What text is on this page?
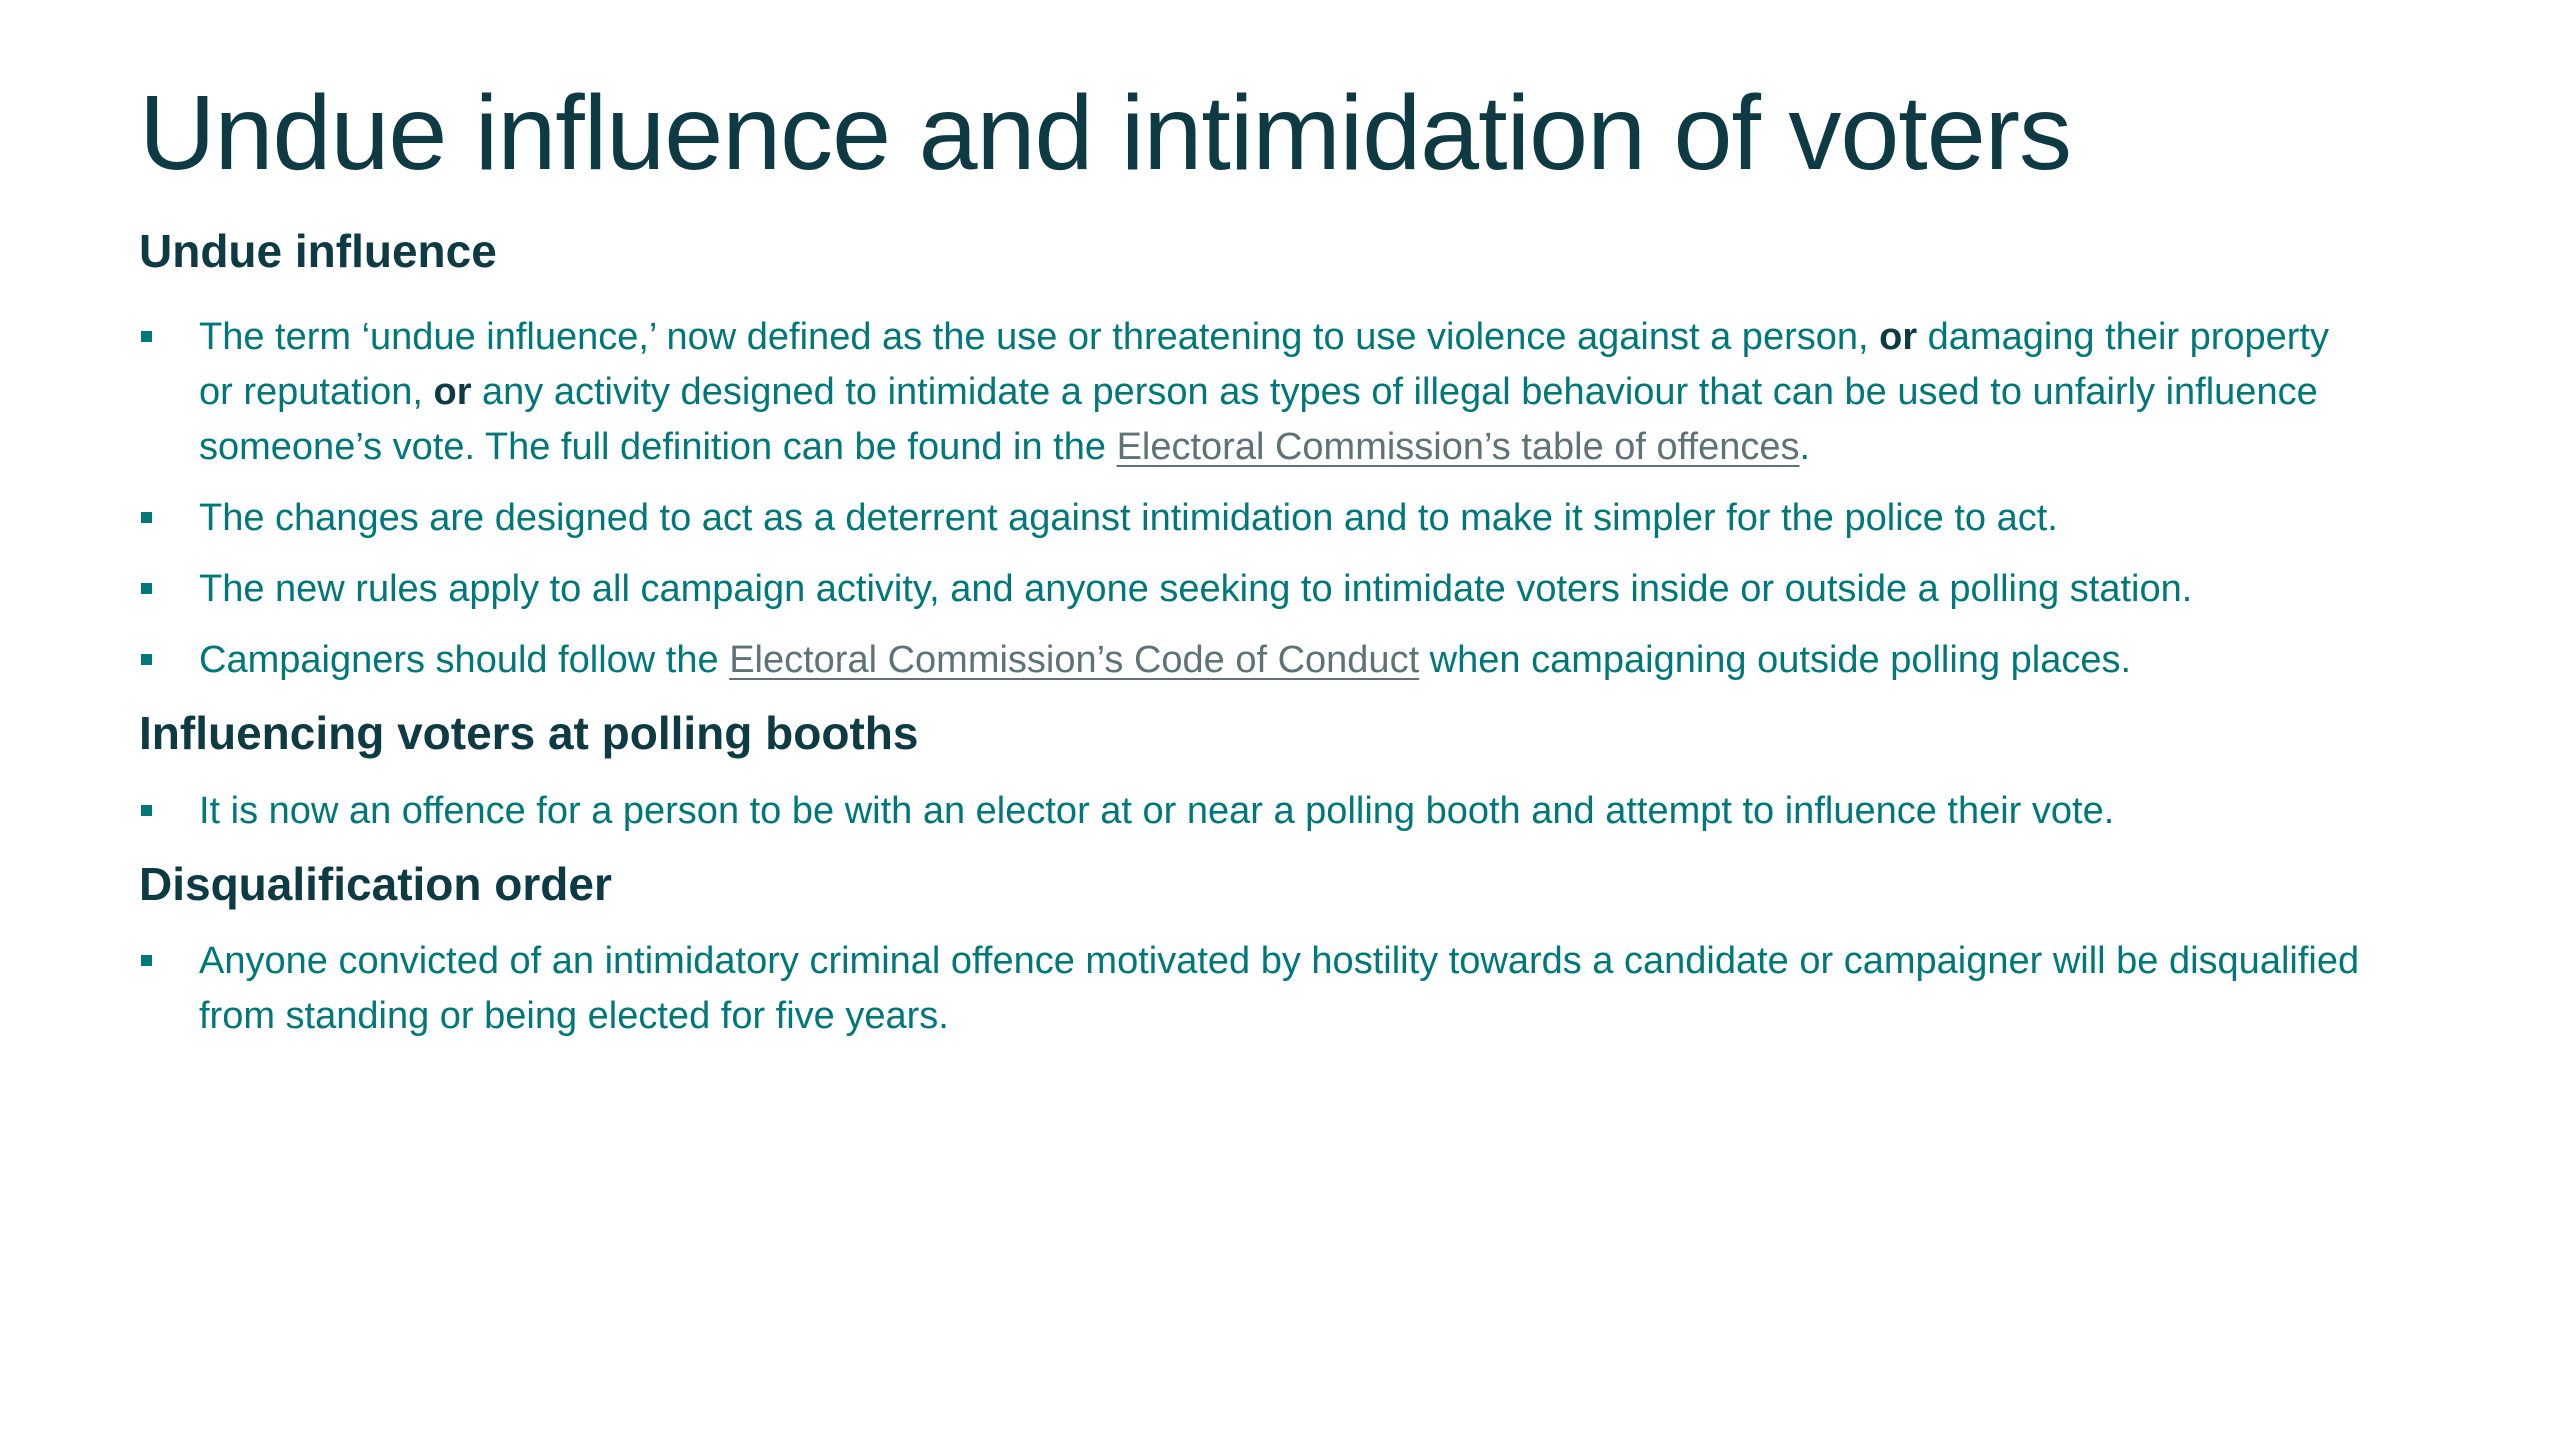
Undue influence and intimidation of voters
Undue influence
The term ‘undue influence,’ now defined as the use or threatening to use violence against a person, or damaging their property or reputation, or any activity designed to intimidate a person as types of illegal behaviour that can be used to unfairly influence someone’s vote. The full definition can be found in the Electoral Commission’s table of offences.
The changes are designed to act as a deterrent against intimidation and to make it simpler for the police to act.
The new rules apply to all campaign activity, and anyone seeking to intimidate voters inside or outside a polling station.
Campaigners should follow the Electoral Commission’s Code of Conduct when campaigning outside polling places.
Influencing voters at polling booths
It is now an offence for a person to be with an elector at or near a polling booth and attempt to influence their vote.
Disqualification order
Anyone convicted of an intimidatory criminal offence motivated by hostility towards a candidate or campaigner will be disqualified from standing or being elected for five years.
